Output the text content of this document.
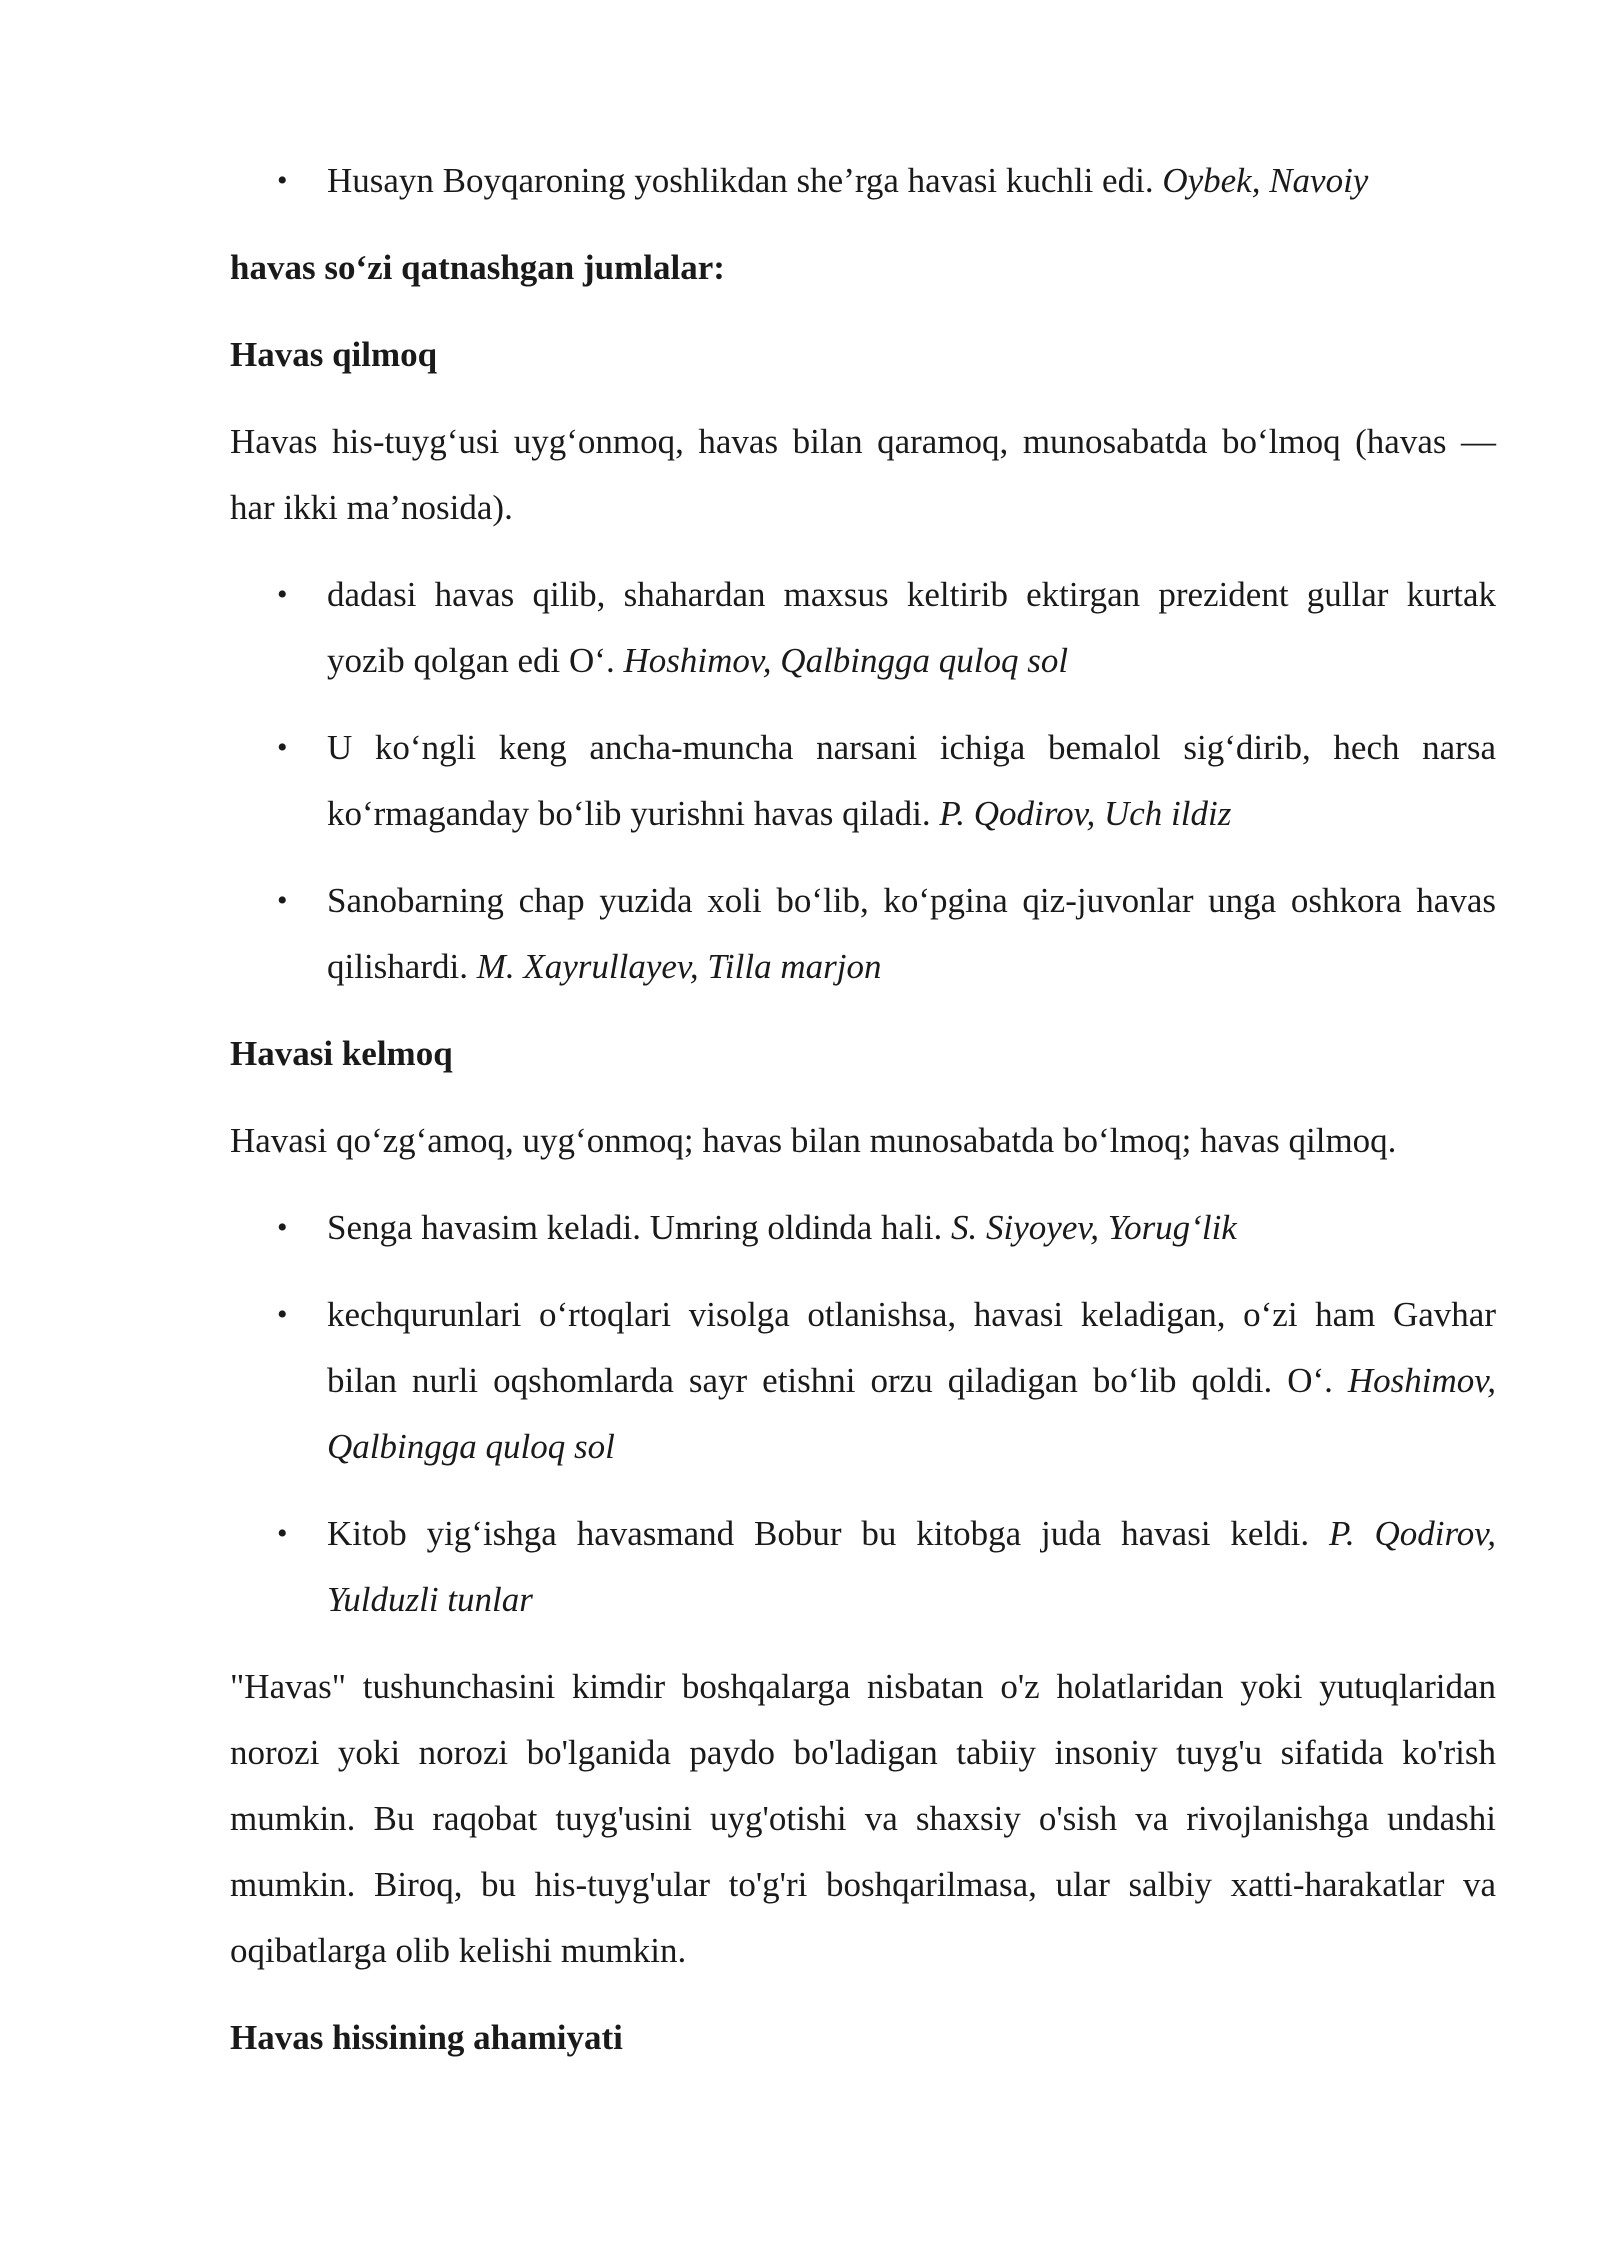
• Husayn Boyqaroning yoshlikdan she’rga havasi kuchli edi. Oybek, Navoiy

havas so‘zi qatnashgan jumlalar:

Havas qilmoq

Havas his-tuyg‘usi uyg‘onmoq, havas bilan qaramoq, munosabatda bo‘lmoq (havas — har ikki ma’nosida).

• dadasi havas qilib, shahardan maxsus keltirib ektirgan prezident gullar kurtak yozib qolgan edi O‘. Hoshimov, Qalbingga quloq sol
• U ko‘ngli keng ancha-muncha narsani ichiga bemalol sig‘dirib, hech narsa ko‘rmaganday bo‘lib yurishni havas qiladi. P. Qodirov, Uch ildiz
• Sanobarning chap yuzida xoli bo‘lib, ko‘pgina qiz-juvonlar unga oshkora havas qilishardi. M. Xayrullayev, Tilla marjon

Havasi kelmoq

Havasi qo‘zg‘amoq, uyg‘onmoq; havas bilan munosabatda bo‘lmoq; havas qilmoq.

• Senga havasim keladi. Umring oldinda hali. S. Siyoyev, Yorug‘lik
• kechqurunlari o‘rtoqlari visolga otlanishsa, havasi keladigan, o‘zi ham Gavhar bilan nurli oqshomlarda sayr etishni orzu qiladigan bo‘lib qoldi. O‘. Hoshimov, Qalbingga quloq sol
• Kitob yig‘ishga havasmand Bobur bu kitobga juda havasi keldi. P. Qodirov, Yulduzli tunlar

"Havas" tushunchasini kimdir boshqalarga nisbatan o'z holatlaridan yoki yutuqlaridan norozi yoki norozi bo'lganida paydo bo'ladigan tabiiy insoniy tuyg'u sifatida ko'rish mumkin. Bu raqobat tuyg'usini uyg'otishi va shaxsiy o'sish va rivojlanishga undashi mumkin. Biroq, bu his-tuyg'ular to'g'ri boshqarilmasa, ular salbiy xatti-harakatlar va oqibatlarga olib kelishi mumkin.

Havas hissining ahamiyati
